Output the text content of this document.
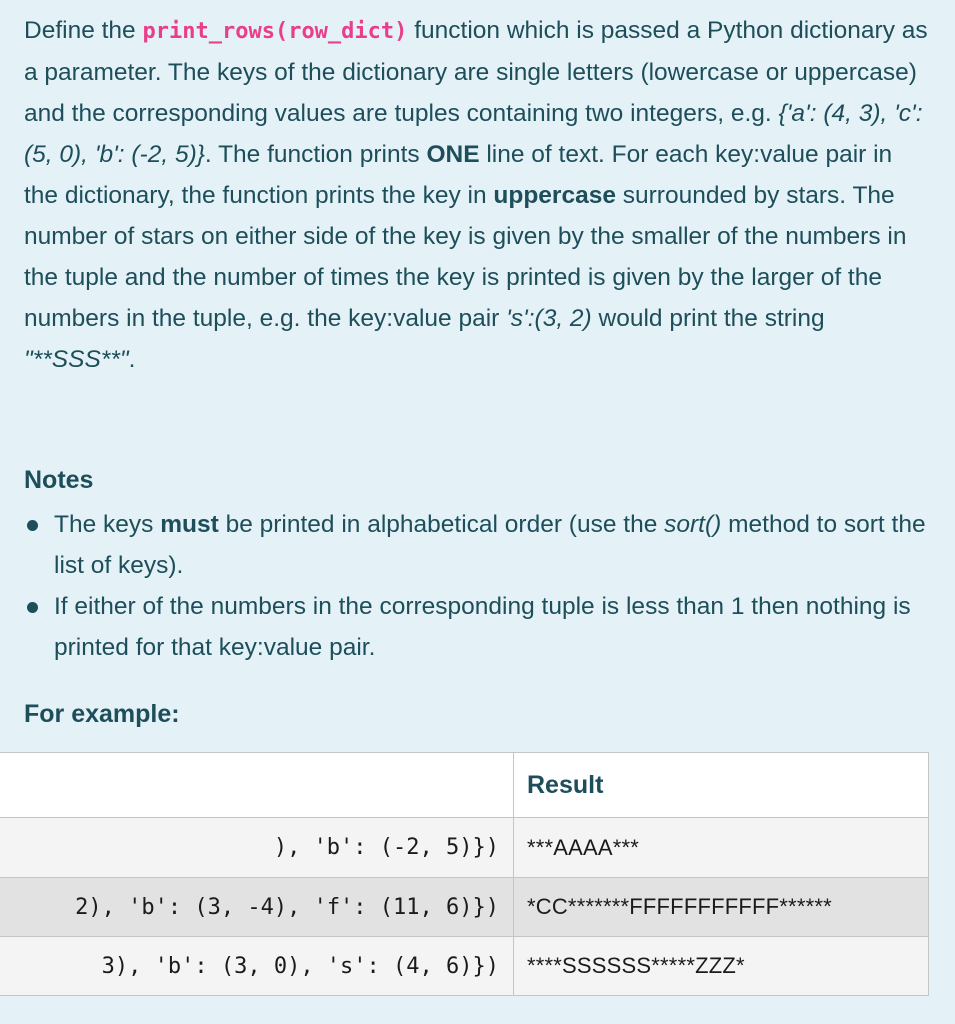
Define the print_rows(row_dict) function which is passed a Python dictionary as a parameter. The keys of the dictionary are single letters (lowercase or uppercase) and the corresponding values are tuples containing two integers, e.g. {'a': (4, 3), 'c': (5, 0), 'b': (-2, 5)}. The function prints ONE line of text. For each key:value pair in the dictionary, the function prints the key in uppercase surrounded by stars. The number of stars on either side of the key is given by the smaller of the numbers in the tuple and the number of times the key is printed is given by the larger of the numbers in the tuple, e.g. the key:value pair 's':(3, 2) would print the string "**SSS**".

Notes
The keys must be printed in alphabetical order (use the sort() method to sort the list of keys).
If either of the numbers in the corresponding tuple is less than 1 then nothing is printed for that key:value pair.
For example:
Result
), 'b': (-2, 5)}) ***AAAA***
2), 'b': (3, -4), 'f': (11, 6)}) *CC*******FFFFFFFFFFF******
3), 'b': (3, 0), 's': (4, 6)}) ****SSSSSS*****ZZZ*
